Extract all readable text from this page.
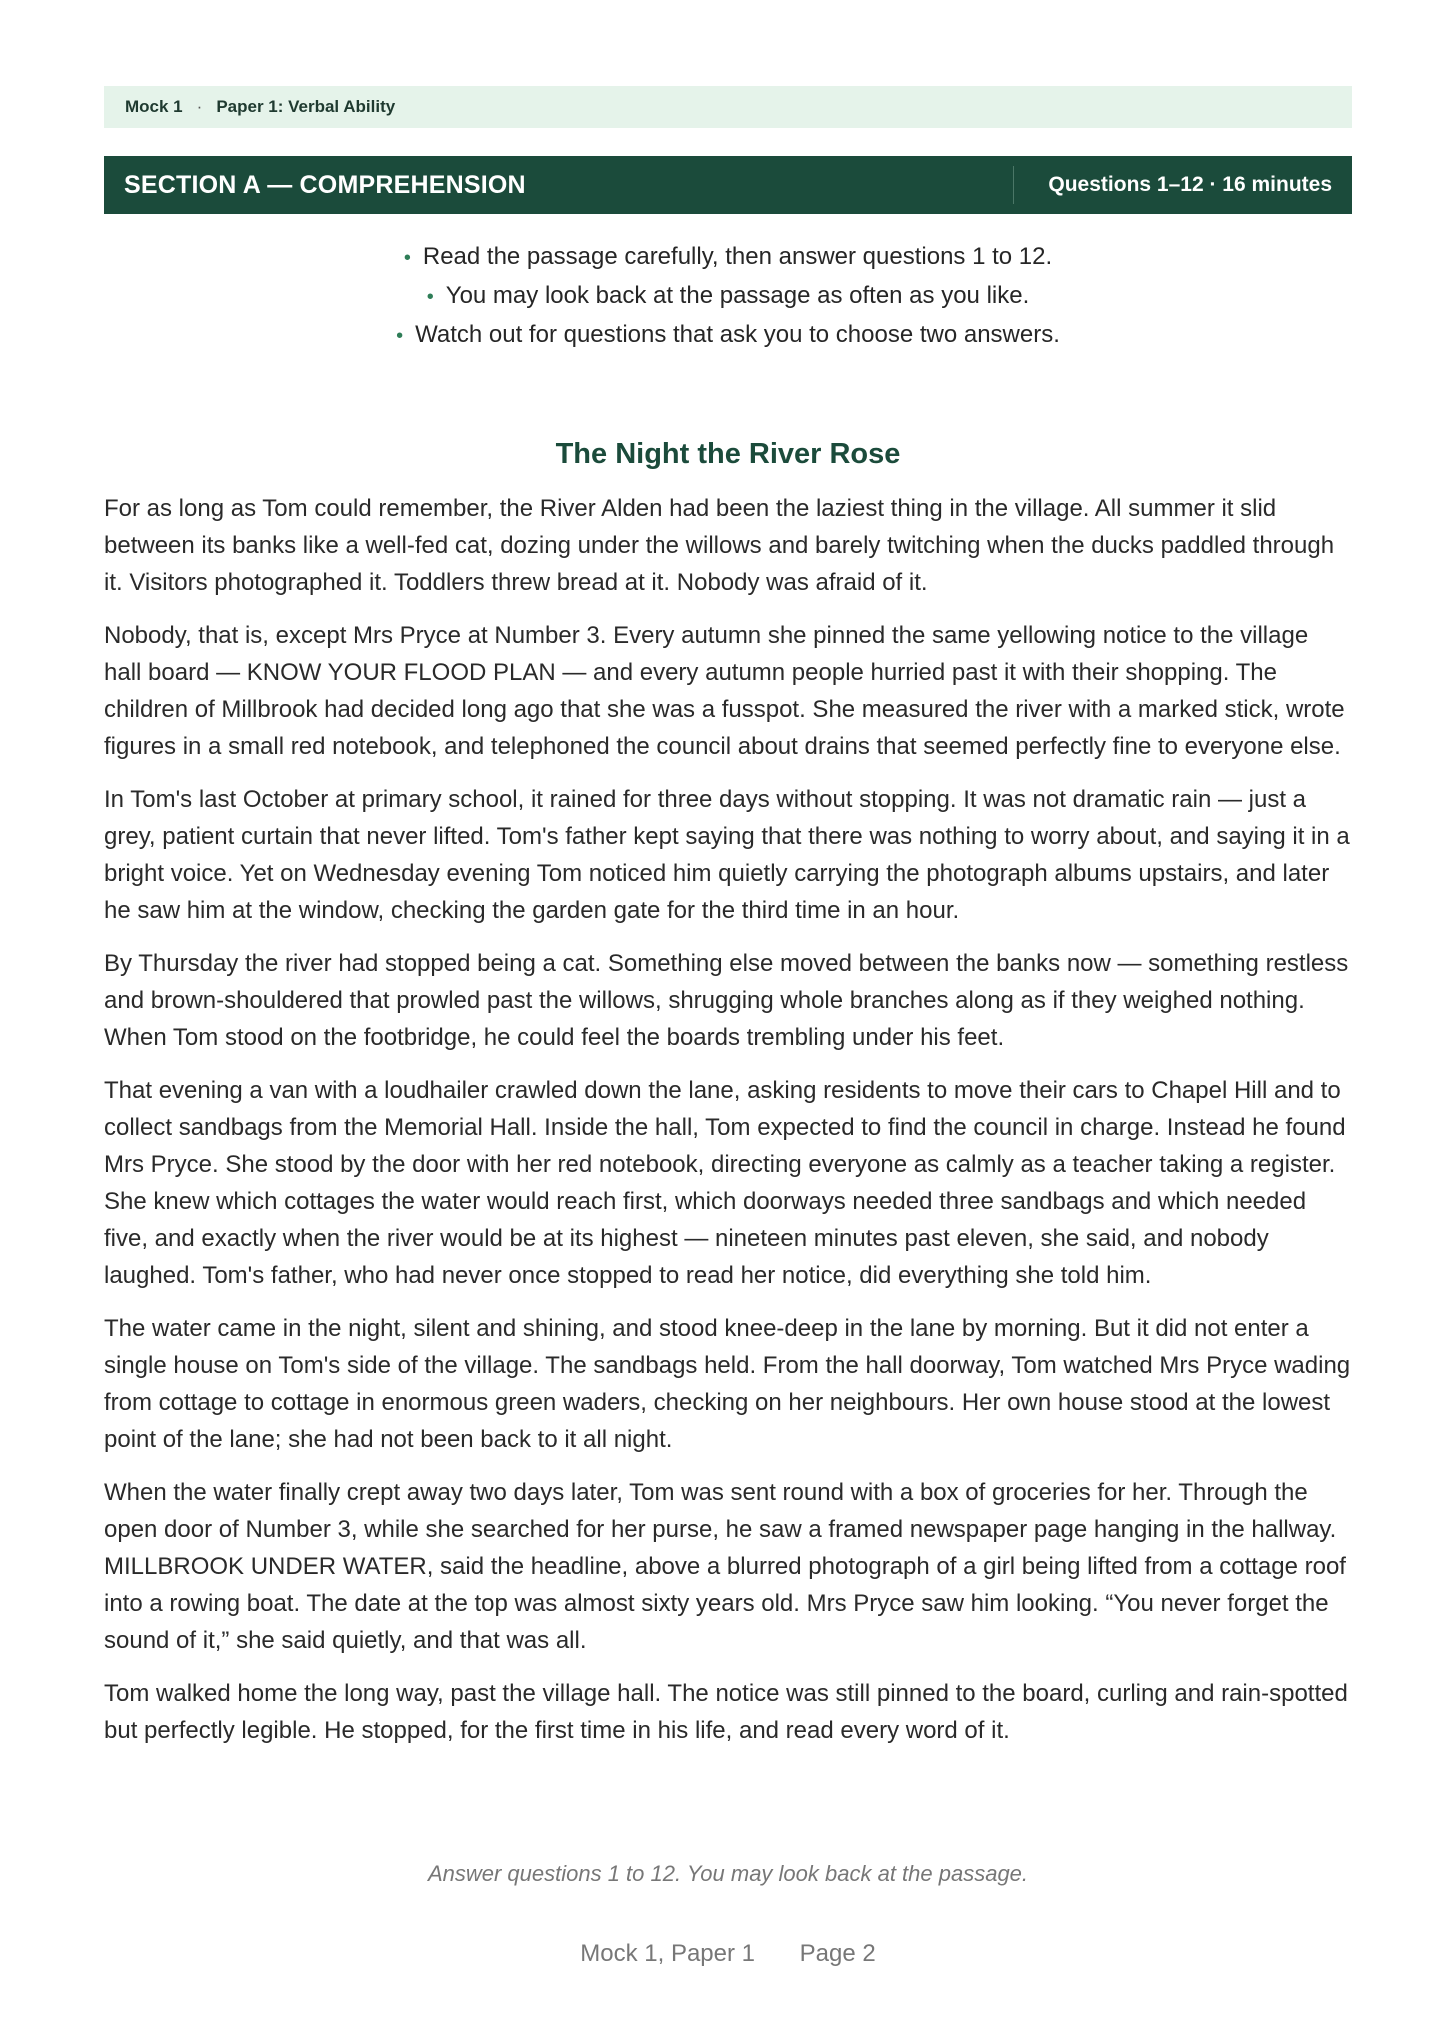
Mock 1 · Paper 1: Verbal Ability
SECTION A — COMPREHENSION	Questions 1–12 · 16 minutes
• Read the passage carefully, then answer questions 1 to 12.
• You may look back at the passage as often as you like.
• Watch out for questions that ask you to choose two answers.
The Night the River Rose

For as long as Tom could remember, the River Alden had been the laziest thing in the village. All summer it slid between its banks like a well-fed cat, dozing under the willows and barely twitching when the ducks paddled through it. Visitors photographed it. Toddlers threw bread at it. Nobody was afraid of it.

Nobody, that is, except Mrs Pryce at Number 3. Every autumn she pinned the same yellowing notice to the village hall board — KNOW YOUR FLOOD PLAN — and every autumn people hurried past it with their shopping. The children of Millbrook had decided long ago that she was a fusspot. She measured the river with a marked stick, wrote figures in a small red notebook, and telephoned the council about drains that seemed perfectly fine to everyone else.

In Tom's last October at primary school, it rained for three days without stopping. It was not dramatic rain — just a grey, patient curtain that never lifted. Tom's father kept saying that there was nothing to worry about, and saying it in a bright voice. Yet on Wednesday evening Tom noticed him quietly carrying the photograph albums upstairs, and later he saw him at the window, checking the garden gate for the third time in an hour.

By Thursday the river had stopped being a cat. Something else moved between the banks now — something restless and brown-shouldered that prowled past the willows, shrugging whole branches along as if they weighed nothing. When Tom stood on the footbridge, he could feel the boards trembling under his feet.

That evening a van with a loudhailer crawled down the lane, asking residents to move their cars to Chapel Hill and to collect sandbags from the Memorial Hall. Inside the hall, Tom expected to find the council in charge. Instead he found Mrs Pryce. She stood by the door with her red notebook, directing everyone as calmly as a teacher taking a register. She knew which cottages the water would reach first, which doorways needed three sandbags and which needed five, and exactly when the river would be at its highest — nineteen minutes past eleven, she said, and nobody laughed. Tom's father, who had never once stopped to read her notice, did everything she told him.

The water came in the night, silent and shining, and stood knee-deep in the lane by morning. But it did not enter a single house on Tom's side of the village. The sandbags held. From the hall doorway, Tom watched Mrs Pryce wading from cottage to cottage in enormous green waders, checking on her neighbours. Her own house stood at the lowest point of the lane; she had not been back to it all night.

When the water finally crept away two days later, Tom was sent round with a box of groceries for her. Through the open door of Number 3, while she searched for her purse, he saw a framed newspaper page hanging in the hallway. MILLBROOK UNDER WATER, said the headline, above a blurred photograph of a girl being lifted from a cottage roof into a rowing boat. The date at the top was almost sixty years old. Mrs Pryce saw him looking. “You never forget the sound of it,” she said quietly, and that was all.

Tom walked home the long way, past the village hall. The notice was still pinned to the board, curling and rain-spotted but perfectly legible. He stopped, for the first time in his life, and read every word of it.

Answer questions 1 to 12. You may look back at the passage.
Mock 1, Paper 1 Page 2
